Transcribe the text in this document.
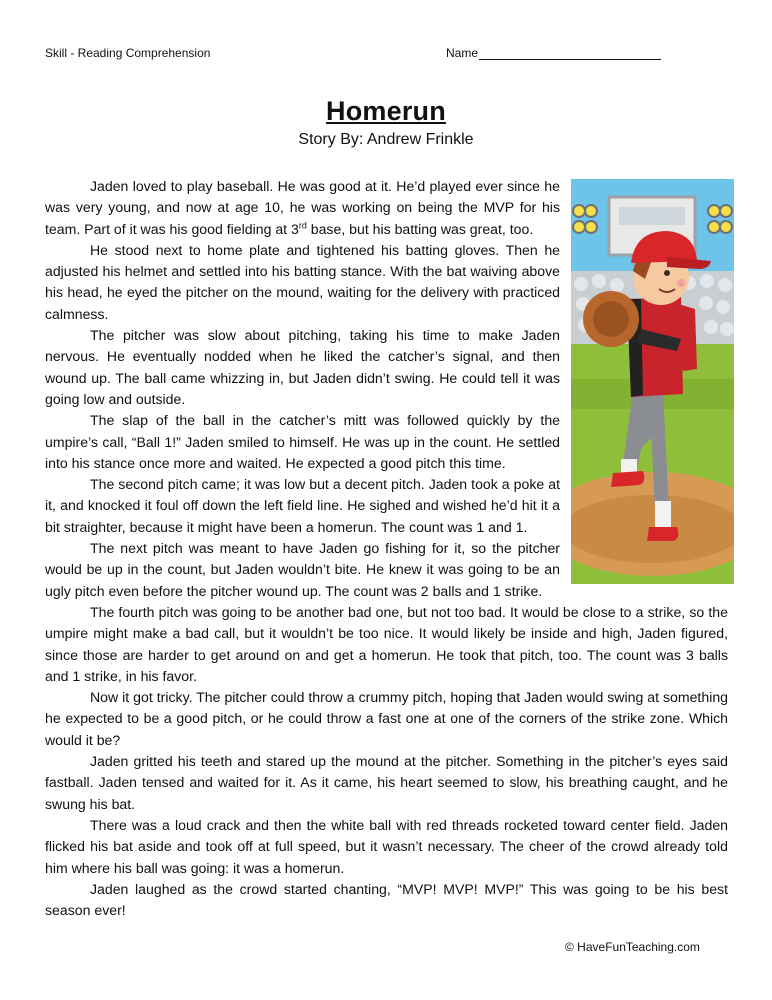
Skill - Reading Comprehension	Name
Homerun
Story By: Andrew Frinkle

Jaden loved to play baseball. He was good at it. He’d played ever since he was very young, and now at age 10, he was working on being the MVP for his team. Part of it was his good fielding at 3rd base, but his batting was great, too.

He stood next to home plate and tightened his batting gloves. Then he adjusted his helmet and settled into his batting stance. With the bat waiving above his head, he eyed the pitcher on the mound, waiting for the delivery with practiced calmness.

The pitcher was slow about pitching, taking his time to make Jaden nervous. He eventually nodded when he liked the catcher’s signal, and then wound up. The ball came whizzing in, but Jaden didn’t swing. He could tell it was going low and outside.

The slap of the ball in the catcher’s mitt was followed quickly by the umpire’s call, “Ball 1!” Jaden smiled to himself. He was up in the count. He settled into his stance once more and waited. He expected a good pitch this time.

The second pitch came; it was low but a decent pitch. Jaden took a poke at it, and knocked it foul off down the left field line. He sighed and wished he’d hit it a bit straighter, because it might have been a homerun. The count was 1 and 1.

The next pitch was meant to have Jaden go fishing for it, so the pitcher would be up in the count, but Jaden wouldn’t bite. He knew it was going to be an ugly pitch even before the pitcher wound up. The count was 2 balls and 1 strike.

The fourth pitch was going to be another bad one, but not too bad. It would be close to a strike, so the umpire might make a bad call, but it wouldn’t be too nice. It would likely be inside and high, Jaden figured, since those are harder to get around on and get a homerun. He took that pitch, too. The count was 3 balls and 1 strike, in his favor.

Now it got tricky. The pitcher could throw a crummy pitch, hoping that Jaden would swing at something he expected to be a good pitch, or he could throw a fast one at one of the corners of the strike zone. Which would it be?

Jaden gritted his teeth and stared up the mound at the pitcher. Something in the pitcher’s eyes said fastball. Jaden tensed and waited for it. As it came, his heart seemed to slow, his breathing caught, and he swung his bat.

There was a loud crack and then the white ball with red threads rocketed toward center field. Jaden flicked his bat aside and took off at full speed, but it wasn’t necessary. The cheer of the crowd already told him where his ball was going: it was a homerun.

Jaden laughed as the crowd started chanting, “MVP! MVP! MVP!” This was going to be his best season ever!

© HaveFunTeaching.com
